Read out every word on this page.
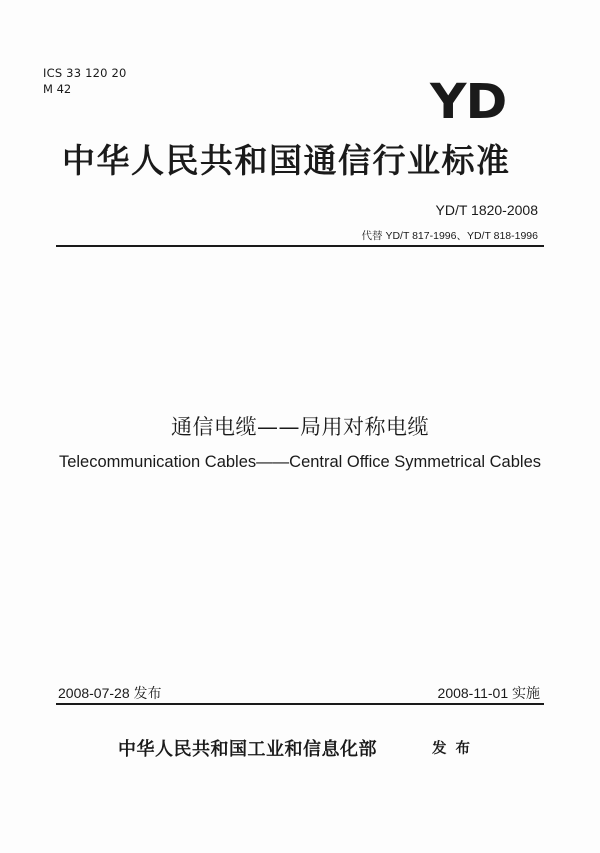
ICS 33 120 20
M 42	YD
中华人民共和国通信行业标准
YD/T 1820-2008
代替 YD/T 817-1996、YD/T 818-1996
通信电缆——局用对称电缆
Telecommunication Cables——Central Office Symmetrical Cables
2008-07-28 发布	2008-11-01 实施
中华人民共和国工业和信息化部	发 布
